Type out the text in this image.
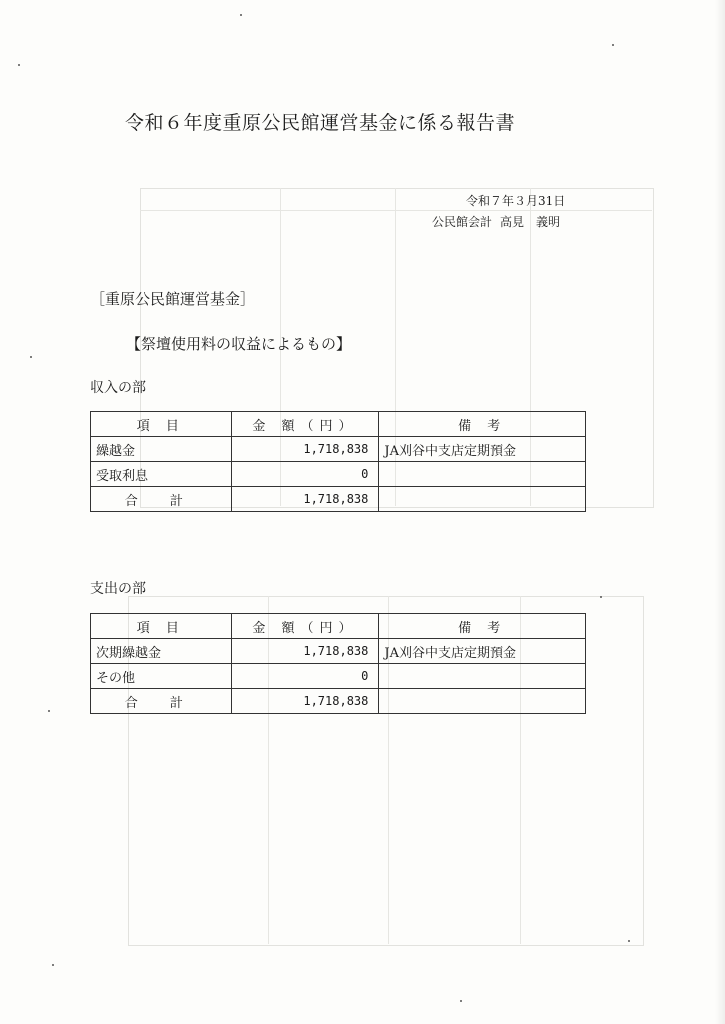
令和６年度重原公民館運営基金に係る報告書
令和７年３月31日
公民館会計 高見　義明
［重原公民館運営基金］
【祭壇使用料の収益によるもの】
収入の部
項 目	金 額（円）	備 考
繰越金	1,718,838	JA刈谷中支店定期預金
受取利息	0	
合 計	1,718,838	
支出の部
項 目	金 額（円）	備 考
次期繰越金	1,718,838	JA刈谷中支店定期預金
その他	0	
合 計	1,718,838	
